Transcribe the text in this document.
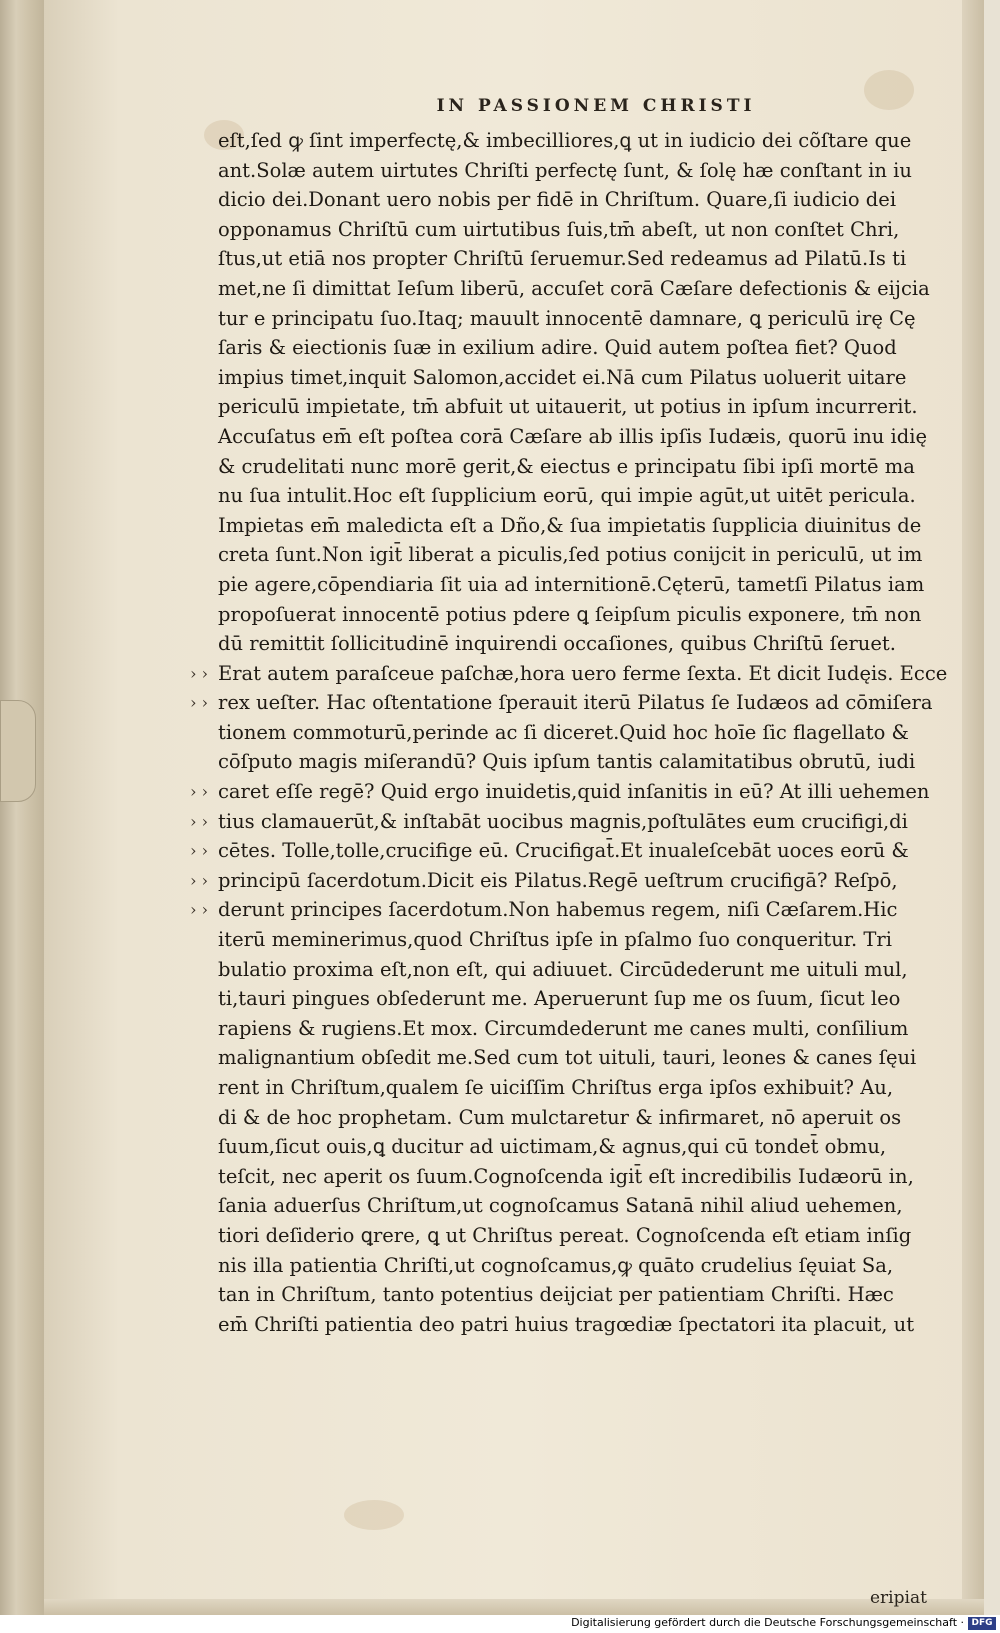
IN PASSIONEM CHRISTI
eſt,ſed ꝙ ſint imperfectę,& imbecilliores,ꝗ ut in iudicio dei cõſtare que
ant.Solæ autem uirtutes Chriſti perfectę ſunt, & ſolę hæ conſtant in iu
dicio dei.Donant uero nobis per fidē in Chriſtum. Quare,ſi iudicio dei
opponamus Chriſtū cum uirtutibus ſuis,tm̄ abeſt, ut non conſtet Chri,
ſtus,ut etiā nos propter Chriſtū ſeruemur.Sed redeamus ad Pilatū.Is ti
met,ne ſi dimittat Ieſum liberū, accuſet corā Cæſare defectionis & eijcia
tur e principatu ſuo.Itaq; mauult innocentē damnare, ꝗ periculū irę Cę
ſaris & eiectionis ſuæ in exilium adire. Quid autem poſtea fiet? Quod
impius timet,inquit Salomon,accidet ei.Nā cum Pilatus uoluerit uitare
periculū impietate, tm̄ abfuit ut uitauerit, ut potius in ipſum incurrerit.
Accuſatus em̄ eſt poſtea corā Cæſare ab illis ipſis Iudæis, quorū inu idię
& crudelitati nunc morē gerit,& eiectus e principatu ſibi ipſi mortē ma
nu ſua intulit.Hoc eſt ſupplicium eorū, qui impie agūt,ut uitēt pericula.
Impietas em̄ maledicta eſt a Dño,& ſua impietatis ſupplicia diuinitus de
creta ſunt.Non igit̄ liberat a piculis,ſed potius conijcit in periculū, ut im
pie agere,cōpendiaria ſit uia ad internitionē.Cęterū, tametſi Pilatus iam
propoſuerat innocentē potius pdere ꝗ ſeipſum piculis exponere, tm̄ non
dū remittit ſollicitudinē inquirendi occaſiones, quibus Chriſtū ſeruet.
› › Erat autem paraſceue paſchæ,hora uero ferme ſexta. Et dicit Iudęis. Ecce
› › rex ueſter. Hac oſtentatione ſperauit iterū Pilatus ſe Iudæos ad cōmiſera
tionem commoturū,perinde ac ſi diceret.Quid hoc hoīe ſic flagellato &
cōſputo magis miſerandū? Quis ipſum tantis calamitatibus obrutū, iudi
› › caret eſſe regē? Quid ergo inuidetis,quid inſanitis in eū? At illi uehemen
› › tius clamauerūt,& inſtabāt uocibus magnis,poſtulātes eum crucifigi,di
› › cētes. Tolle,tolle,crucifige eū. Crucifigat̄.Et inualeſcebāt uoces eorū &
› › principū ſacerdotum.Dicit eis Pilatus.Regē ueſtrum crucifigā? Reſpō,
› › derunt principes ſacerdotum.Non habemus regem, niſi Cæſarem.Hic
iterū meminerimus,quod Chriſtus ipſe in pſalmo ſuo conqueritur. Tri
bulatio proxima eſt,non eſt, qui adiuuet. Circūdederunt me uituli mul,
ti,tauri pingues obſederunt me. Aperuerunt ſup me os ſuum, ſicut leo
rapiens & rugiens.Et mox. Circumdederunt me canes multi, conſilium
malignantium obſedit me.Sed cum tot uituli, tauri, leones & canes ſęui
rent in Chriſtum,qualem ſe uiciſſim Chriſtus erga ipſos exhibuit? Au,
di & de hoc prophetam. Cum mulctaretur & infirmaret, nō aperuit os
ſuum,ſicut ouis,ꝗ ducitur ad uictimam,& agnus,qui cū tondet̄ obmu,
teſcit, nec aperit os ſuum.Cognoſcenda igit̄ eſt incredibilis Iudæorū in,
ſania aduerſus Chriſtum,ut cognoſcamus Satanā nihil aliud uehemen,
tiori deſiderio ꝗrere, ꝗ ut Chriſtus pereat. Cognoſcenda eſt etiam inſig
nis illa patientia Chriſti,ut cognoſcamus,ꝙ quāto crudelius ſęuiat Sa,
tan in Chriſtum, tanto potentius deijciat per patientiam Chriſti. Hæc
em̄ Chriſti patientia deo patri huius tragœdiæ ſpectatori ita placuit, ut
eripiat
Digitalisierung gefördert durch die Deutsche Forschungsgemeinschaft · DFG
